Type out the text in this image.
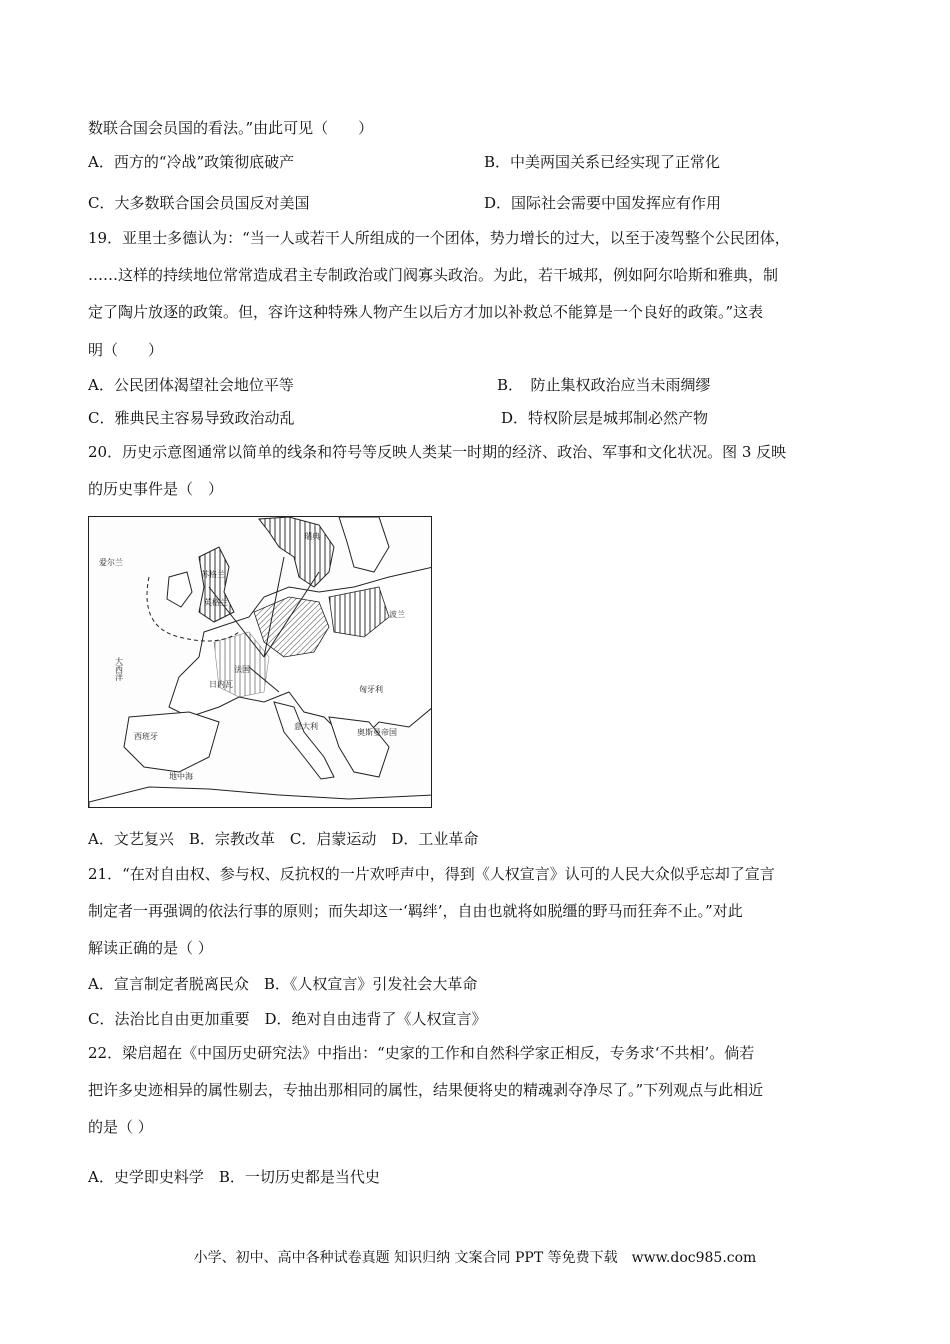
数联合国会员国的看法。”由此可见（　　）
A．西方的“冷战”政策彻底破产	B．中美两国关系已经实现了正常化
C．大多数联合国会员国反对美国	D．国际社会需要中国发挥应有作用
19．亚里士多德认为：“当一人或若干人所组成的一个团体，势力增长的过大，以至于凌驾整个公民团体，
……这样的持续地位常常造成君主专制政治或门阀寡头政治。为此，若干城邦，例如阿尔哈斯和雅典，制
定了陶片放逐的政策。但，容许这种特殊人物产生以后方才加以补救总不能算是一个良好的政策。”这表
明（　　）
A．公民团体渴望社会地位平等	B．　防止集权政治应当未雨绸缪
C．雅典民主容易导致政治动乱	D．特权阶层是城邦制必然产物
20．历史示意图通常以简单的线条和符号等反映人类某一时期的经济、政治、军事和文化状况。图 3 反映
的历史事件是（　）
大西洋
西班牙
法国
日内瓦
意大利
地中海
奥斯曼帝国
匈牙利
波兰
瑞典
苏格兰
英格兰
爱尔兰
A．文艺复兴　B．宗教改革　C．启蒙运动　D．工业革命
21．“在对自由权、参与权、反抗权的一片欢呼声中，得到《人权宣言》认可的人民大众似乎忘却了宣言
制定者一再强调的依法行事的原则；而失却这一‘羁绊’，自由也就将如脱缰的野马而狂奔不止。”对此
解读正确的是（ ）
A．宣言制定者脱离民众　B．《人权宣言》引发社会大革命
C．法治比自由更加重要　D．绝对自由违背了《人权宣言》
22．梁启超在《中国历史研究法》中指出：“史家的工作和自然科学家正相反，专务求‘不共相’。倘若
把许多史迹相异的属性剔去，专抽出那相同的属性，结果便将史的精魂剥夺净尽了。”下列观点与此相近
的是（ ）
A．史学即史料学　B．一切历史都是当代史
小学、初中、高中各种试卷真题 知识归纳 文案合同 PPT 等免费下载　www.doc985.com
